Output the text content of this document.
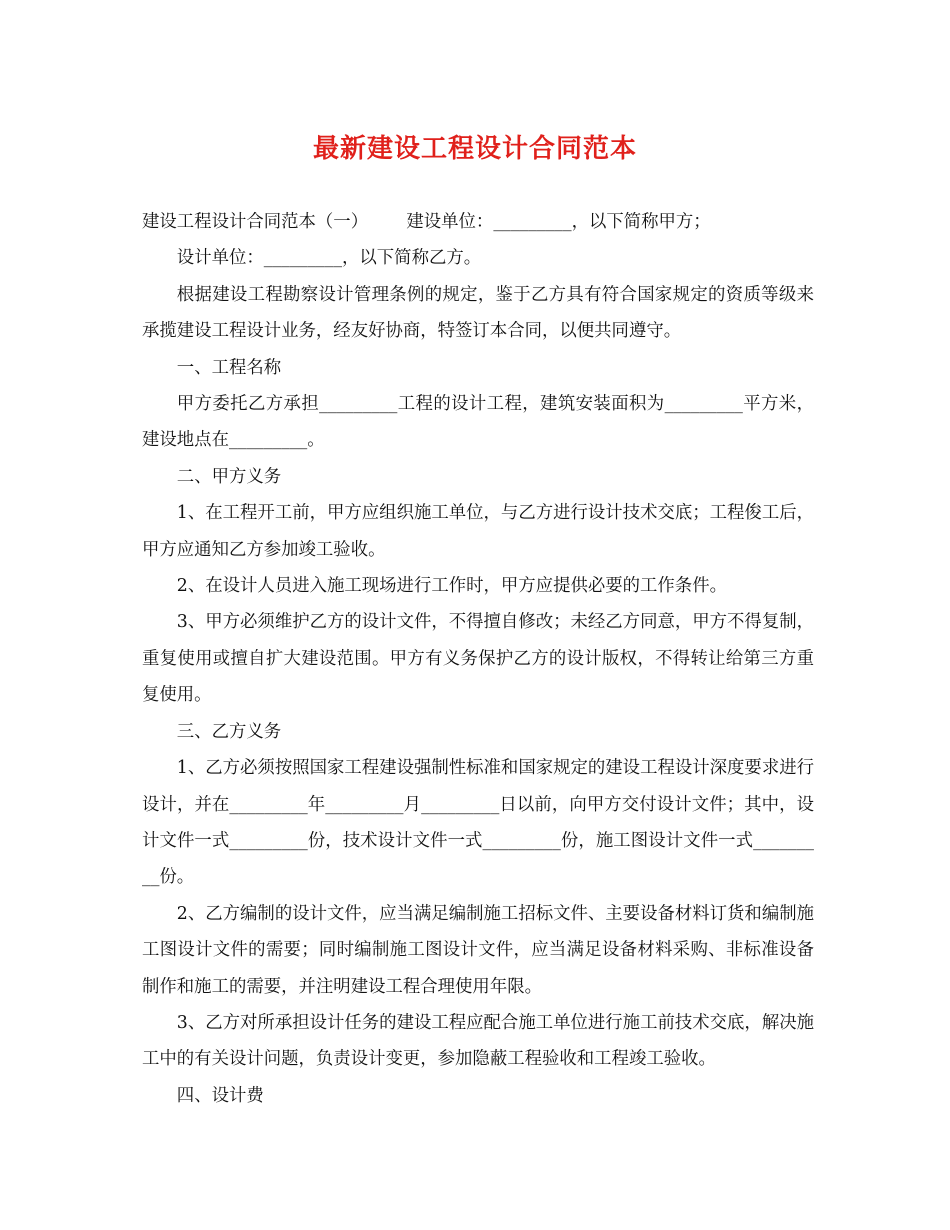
最新建设工程设计合同范本

建设工程设计合同范本（一） 建设单位：_________，以下简称甲方；

设计单位：_________，以下简称乙方。

根据建设工程勘察设计管理条例的规定，鉴于乙方具有符合国家规定的资质等级来承揽建设工程设计业务，经友好协商，特签订本合同，以便共同遵守。

一、工程名称

甲方委托乙方承担_________工程的设计工程，建筑安装面积为_________平方米，建设地点在_________。

二、甲方义务

1、在工程开工前，甲方应组织施工单位，与乙方进行设计技术交底；工程俊工后，甲方应通知乙方参加竣工验收。

2、在设计人员进入施工现场进行工作时，甲方应提供必要的工作条件。

3、甲方必须维护乙方的设计文件，不得擅自修改；未经乙方同意，甲方不得复制，重复使用或擅自扩大建设范围。甲方有义务保护乙方的设计版权，不得转让给第三方重复使用。

三、乙方义务

1、乙方必须按照国家工程建设强制性标准和国家规定的建设工程设计深度要求进行设计，并在_________年_________月_________日以前，向甲方交付设计文件；其中，设计文件一式_________份，技术设计文件一式_________份，施工图设计文件一式_________份。

2、乙方编制的设计文件，应当满足编制施工招标文件、主要设备材料订货和编制施工图设计文件的需要；同时编制施工图设计文件，应当满足设备材料采购、非标准设备制作和施工的需要，并注明建设工程合理使用年限。

3、乙方对所承担设计任务的建设工程应配合施工单位进行施工前技术交底，解决施工中的有关设计问题，负责设计变更，参加隐蔽工程验收和工程竣工验收。

四、设计费
